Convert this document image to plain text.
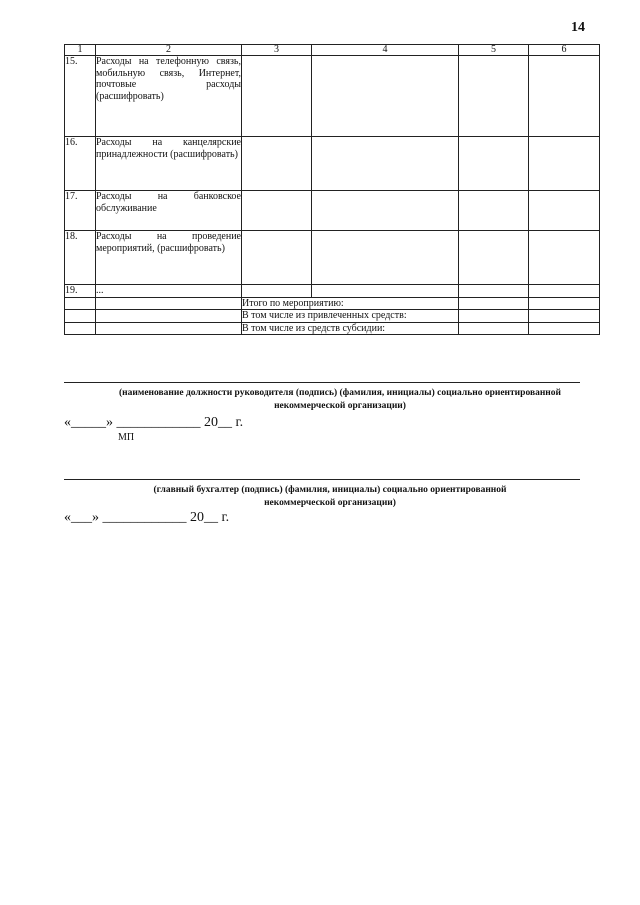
14
1	2	3	4	5	6
15.	Расходы на телефонную связь, мобильную связь, Интернет, почтовые расходы (расшифровать)				
16.	Расходы на канцелярские принадлежности (расшифровать)				
17.	Расходы на банковское обслуживание				
18.	Расходы на проведение мероприятий, (расшифровать)				
19.	...				
		Итого по мероприятию:			
		В том числе из привлеченных средств:			
		В том числе из средств субсидии:			
(наименование должности руководителя (подпись) (фамилия, инициалы) социально ориентированной некоммерческой организации)
«_____» ____________ 20__ г.
МП
(главный бухгалтер (подпись) (фамилия, инициалы) социально ориентированной некоммерческой организации)
«___» ____________ 20__ г.
